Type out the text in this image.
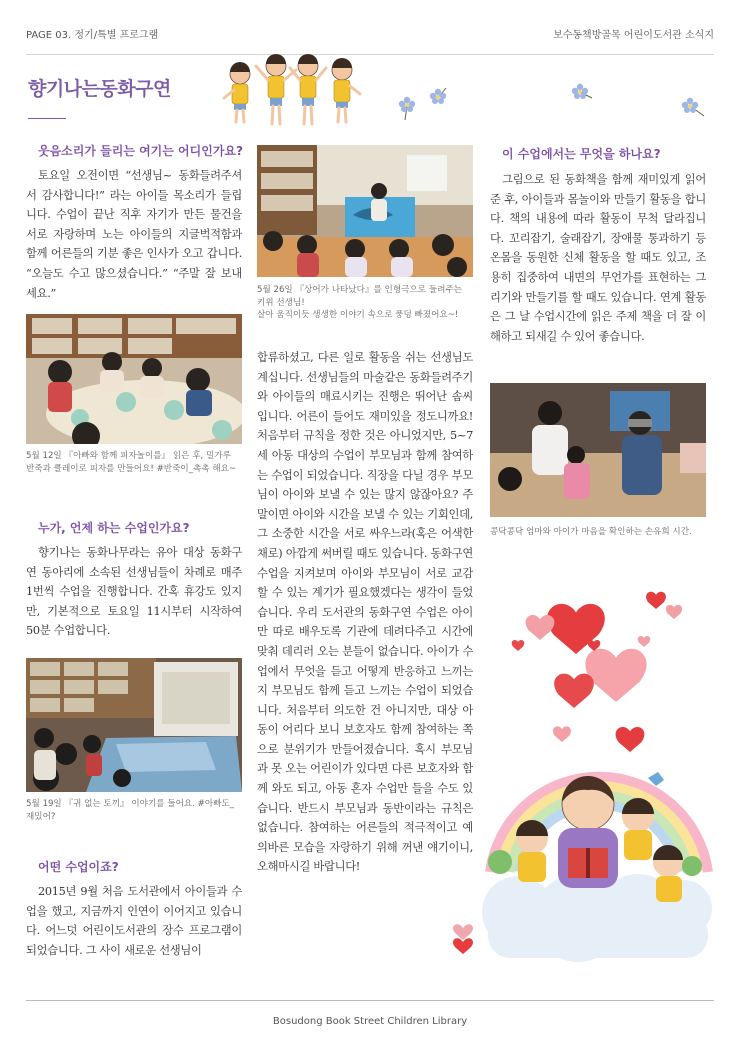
PAGE 03. 정기/특별 프로그램	보수동책방골목 어린이도서관 소식지
향기나는동화구연
웃음소리가 들리는 여기는 어디인가요?

토요일 오전이면 “선생님~ 동화들려주셔서 감사합니다!” 라는 아이들 목소리가 들립니다. 수업이 끝난 직후 자기가 만든 물건을 서로 자랑하며 노는 아이들의 지글벅적함과 함께 어른들의 기분 좋은 인사가 오고 갑니다. “오늘도 수고 많으셨습니다.” “주말 잘 보내세요.”

5월 12일 『아빠와 함께 피자놀이를』 읽은 후, 밀가루
반죽과 클레이로 피자를 만들어요! #반죽이_촉촉 해요~
누가, 언제 하는 수업인가요?

향기나는 동화나무라는 유아 대상 동화구연 동아리에 소속된 선생님들이 차례로 매주 1번씩 수업을 진행합니다. 간혹 휴강도 있지만, 기본적으로 토요일 11시부터 시작하여 50분 수업합니다.

5월 19일 『귀 없는 토끼』 이야기를 들어요. #아빠도_
재밌어?
어떤 수업이죠?

2015년 9월 처음 도서관에서 아이들과 수업을 했고, 지금까지 인연이 이어지고 있습니다. 어느덧 어린이도서관의 장수 프로그램이 되었습니다. 그 사이 새로운 선생님이

5월 26일 『상어가 나타났다』를 인형극으로 들려주는
키위 선생님!
살아 움직이듯 생생한 이야기 속으로 풍덩 빠졌어요~!

합류하셨고, 다른 일로 활동을 쉬는 선생님도 계십니다. 선생님들의 마술같은 동화들려주기와 아이들의 매료시키는 진행은 뛰어난 솜씨입니다. 어른이 들어도 재미있을 정도니까요! 처음부터 규칙을 정한 것은 아니었지만, 5~7세 아동 대상의 수업이 부모님과 함께 참여하는 수업이 되었습니다. 직장을 다닐 경우 부모님이 아이와 보낼 수 있는 많지 않잖아요? 주말이면 아이와 시간을 보낼 수 있는 기회인데, 그 소중한 시간을 서로 싸우느라(혹은 어색한 채로) 아깝게 써버릴 때도 있습니다. 동화구연 수업을 지켜보며 아이와 부모님이 서로 교감할 수 있는 계기가 필요했겠다는 생각이 들었습니다. 우리 도서관의 동화구연 수업은 아이만 따로 배우도록 기관에 데려다주고 시간에 맞춰 데리러 오는 분들이 없습니다. 아이가 수업에서 무엇을 듣고 어떻게 반응하고 느끼는지 부모님도 함께 듣고 느끼는 수업이 되었습니다. 처음부터 의도한 건 아니지만, 대상 아동이 어리다 보니 보호자도 함께 참여하는 쪽으로 분위기가 만들어졌습니다. 혹시 부모님과 못 오는 어린이가 있다면 다른 보호자와 함께 와도 되고, 아동 혼자 수업만 들을 수도 있습니다. 반드시 부모님과 동반이라는 규칙은 없습니다. 참여하는 어른들의 적극적이고 예의바른 모습을 자랑하기 위해 꺼낸 얘기이니, 오해마시길 바랍니다!

이 수업에서는 무엇을 하나요?

그림으로 된 동화책을 함께 재미있게 읽어 준 후, 아이들과 몸놀이와 만들기 활동을 합니다. 책의 내용에 따라 활동이 무척 달라집니다. 꼬리잡기, 술래잡기, 장애물 통과하기 등 온몸을 동원한 신체 활동을 할 때도 있고, 조용히 집중하여 내면의 무언가를 표현하는 그리기와 만들기를 할 때도 있습니다. 연계 활동은 그 날 수업시간에 읽은 주제 책을 더 잘 이해하고 되새길 수 있어 좋습니다.

콩닥콩닥 엄마와 아이가 마음을 확인하는 손유희 시간.
Bosudong Book Street Children Library
